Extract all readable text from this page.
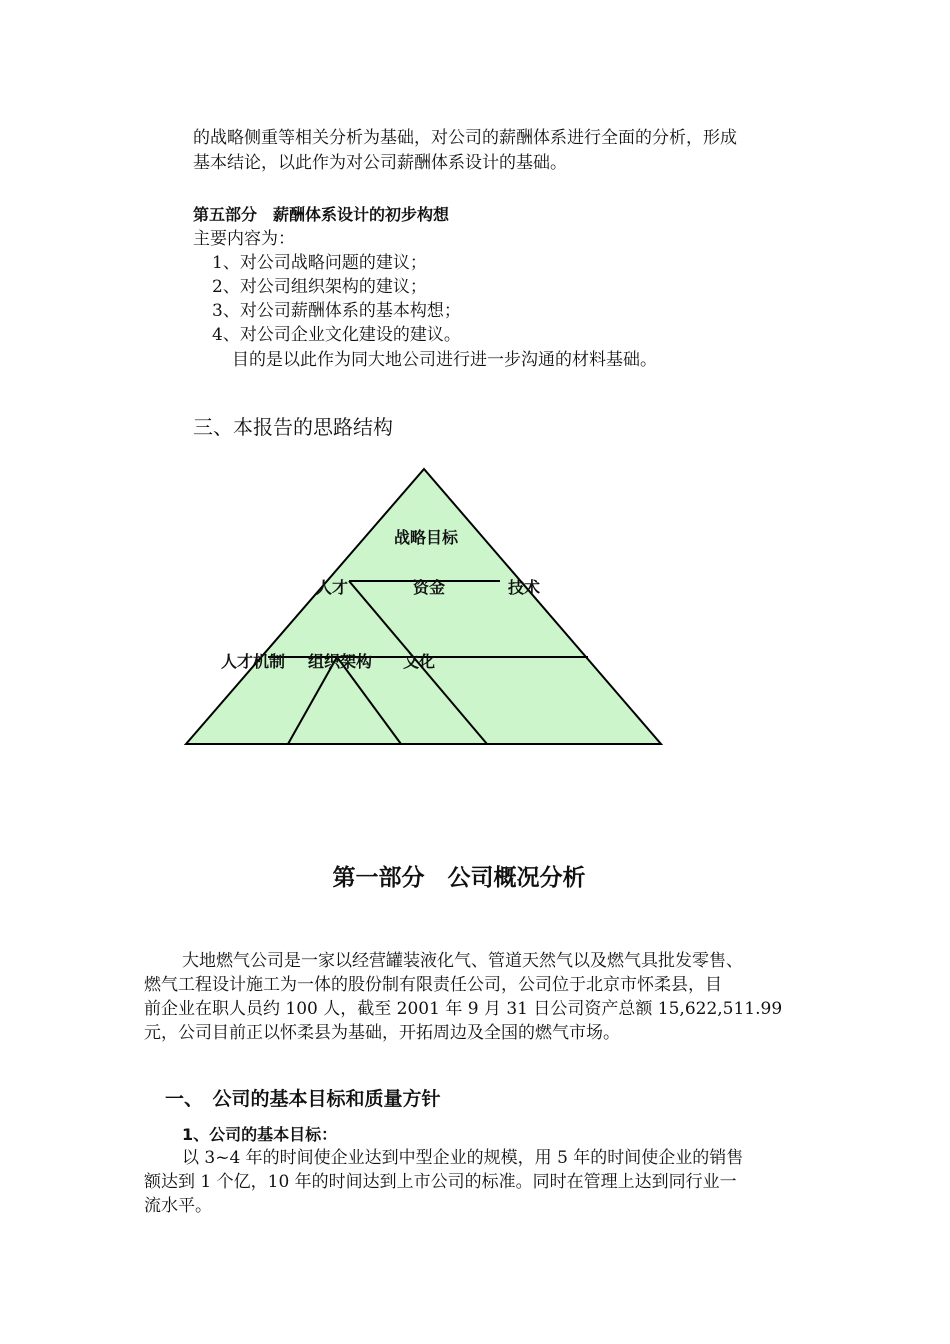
的战略侧重等相关分析为基础，对公司的薪酬体系进行全面的分析，形成
基本结论，以此作为对公司薪酬体系设计的基础。
第五部分　薪酬体系设计的初步构想
主要内容为：
1、对公司战略问题的建议；
2、对公司组织架构的建议；
3、对公司薪酬体系的基本构想；
4、对公司企业文化建设的建议。
目的是以此作为同大地公司进行进一步沟通的材料基础。
三、本报告的思路结构
战略目标
人才	资金	技术
人才机制 组织架构 文化
第一部分　公司概况分析
大地燃气公司是一家以经营罐装液化气、管道天然气以及燃气具批发零售、
燃气工程设计施工为一体的股份制有限责任公司，公司位于北京市怀柔县，目
前企业在职人员约 100 人，截至 2001 年 9 月 31 日公司资产总额 15,622,511.99
元，公司目前正以怀柔县为基础，开拓周边及全国的燃气市场。
一、　公司的基本目标和质量方针
1、公司的基本目标：
以 3~4 年的时间使企业达到中型企业的规模，用 5 年的时间使企业的销售
额达到 1 个亿，10 年的时间达到上市公司的标准。同时在管理上达到同行业一
流水平。
